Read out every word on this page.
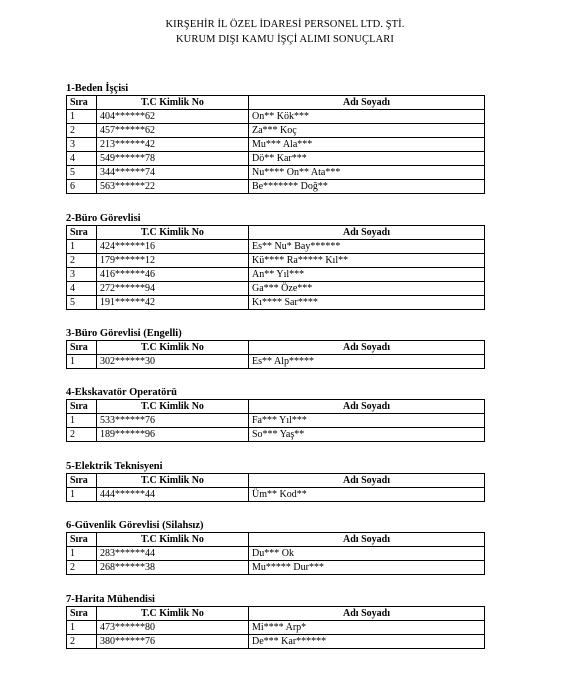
KIRŞEHİR İL ÖZEL İDARESİ PERSONEL LTD. ŞTİ.
KURUM DIŞI KAMU İŞÇİ ALIMI SONUÇLARI
1-Beden İşçisi
Sıra	T.C Kimlik No	Adı Soyadı
1	404******62	On** Kök***
2	457******62	Za*** Koç
3	213******42	Mu*** Ala***
4	549******78	Dö** Kar***
5	344******74	Nu**** On** Ata***
6	563******22	Be******* Doğ**
2-Büro Görevlisi
Sıra	T.C Kimlik No	Adı Soyadı
1	424******16	Es** Nu* Bay******
2	179******12	Kü**** Ra***** Kıl**
3	416******46	An** Yıl***
4	272******94	Ga*** Öze***
5	191******42	Kı**** Sar****
3-Büro Görevlisi (Engelli)
Sıra	T.C Kimlik No	Adı Soyadı
1	302******30	Es** Alp*****
4-Ekskavatör Operatörü
Sıra	T.C Kimlik No	Adı Soyadı
1	533******76	Fa*** Yıl***
2	189******96	So*** Yaş**
5-Elektrik Teknisyeni
Sıra	T.C Kimlik No	Adı Soyadı
1	444******44	Üm** Kod**
6-Güvenlik Görevlisi (Silahsız)
Sıra	T.C Kimlik No	Adı Soyadı
1	283******44	Du*** Ok
2	268******38	Mu***** Dur***
7-Harita Mühendisi
Sıra	T.C Kimlik No	Adı Soyadı
1	473******80	Mi**** Arp*
2	380******76	De*** Kar******
